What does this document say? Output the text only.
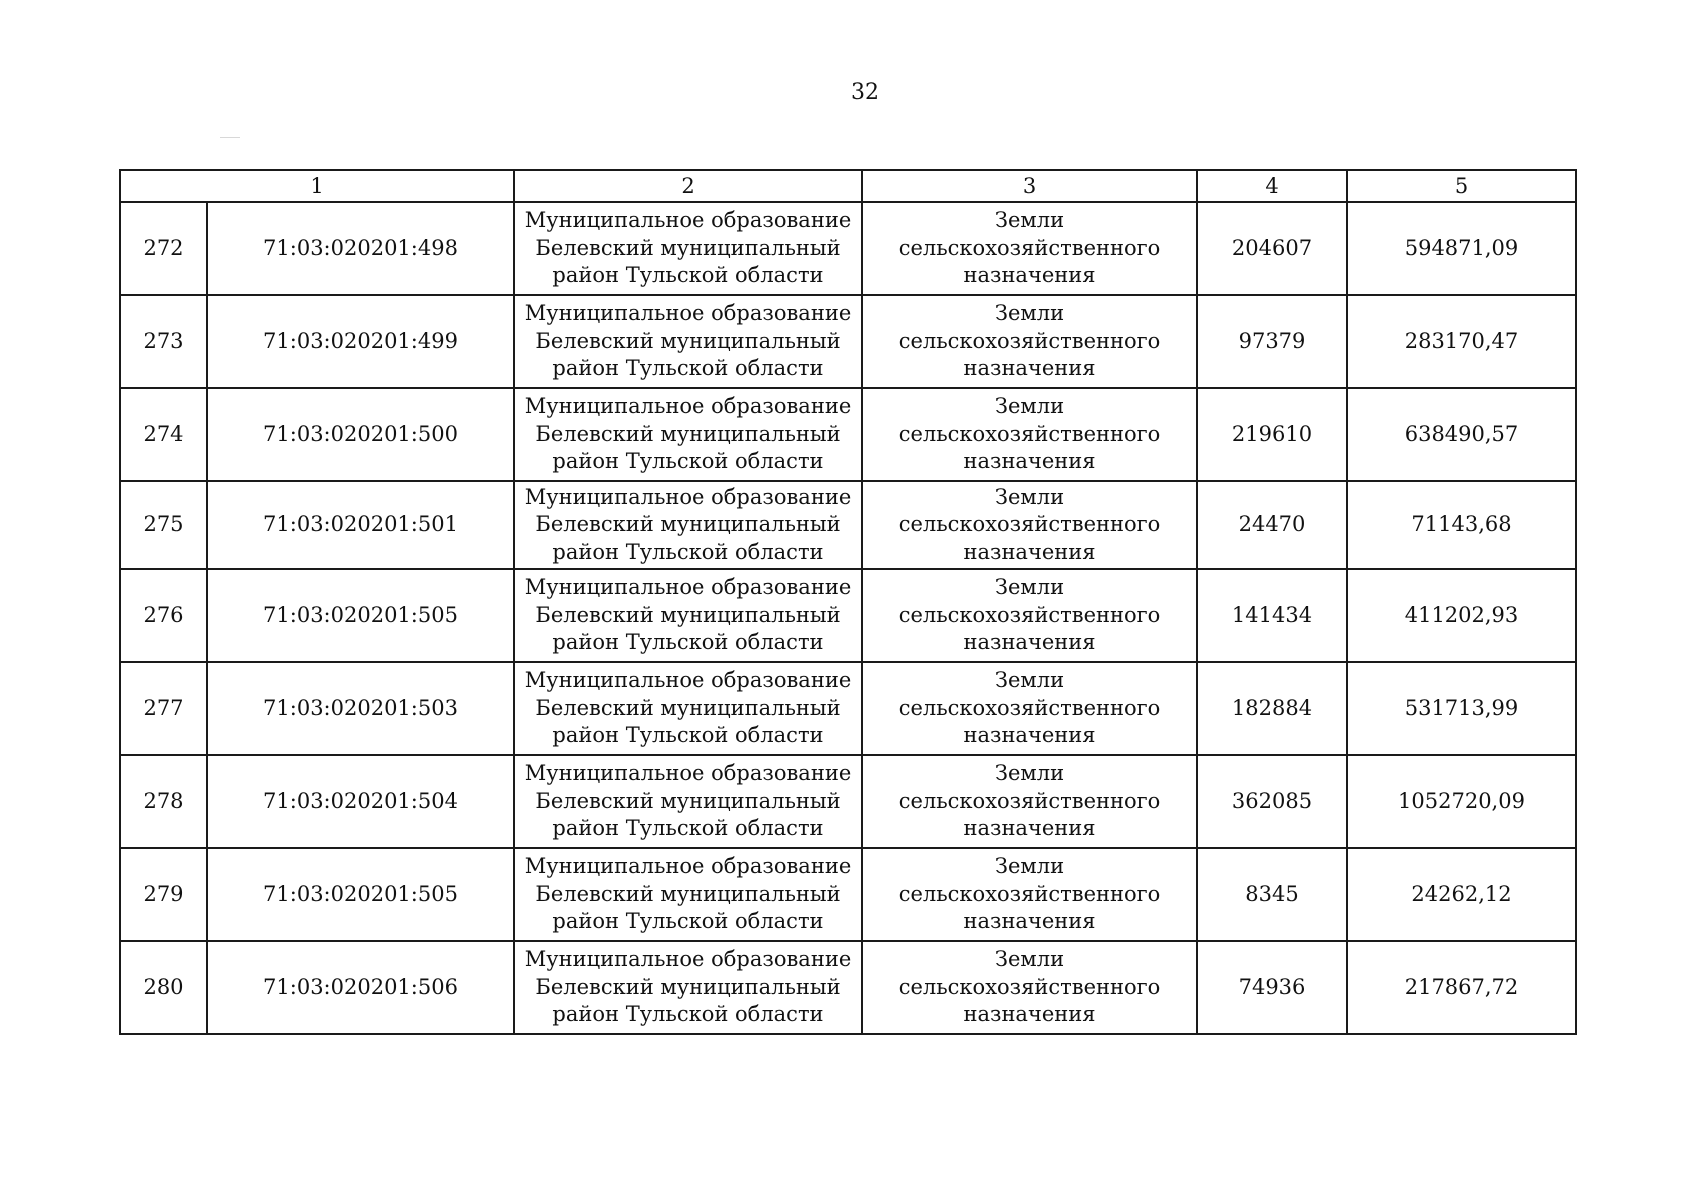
32
1		2	3	4	5
272	71:03:020201:498	Муниципальное образование
Белевский муниципальный
район Тульской области	Земли
сельскохозяйственного
назначения	204607	594871,09
273	71:03:020201:499	Муниципальное образование
Белевский муниципальный
район Тульской области	Земли
сельскохозяйственного
назначения	97379	283170,47
274	71:03:020201:500	Муниципальное образование
Белевский муниципальный
район Тульской области	Земли
сельскохозяйственного
назначения	219610	638490,57
275	71:03:020201:501	Муниципальное образование
Белевский муниципальный
район Тульской области	Земли
сельскохозяйственного
назначения	24470	71143,68
276	71:03:020201:505	Муниципальное образование
Белевский муниципальный
район Тульской области	Земли
сельскохозяйственного
назначения	141434	411202,93
277	71:03:020201:503	Муниципальное образование
Белевский муниципальный
район Тульской области	Земли
сельскохозяйственного
назначения	182884	531713,99
278	71:03:020201:504	Муниципальное образование
Белевский муниципальный
район Тульской области	Земли
сельскохозяйственного
назначения	362085	1052720,09
279	71:03:020201:505	Муниципальное образование
Белевский муниципальный
район Тульской области	Земли
сельскохозяйственного
назначения	8345	24262,12
280	71:03:020201:506	Муниципальное образование
Белевский муниципальный
район Тульской области	Земли
сельскохозяйственного
назначения	74936	217867,72
